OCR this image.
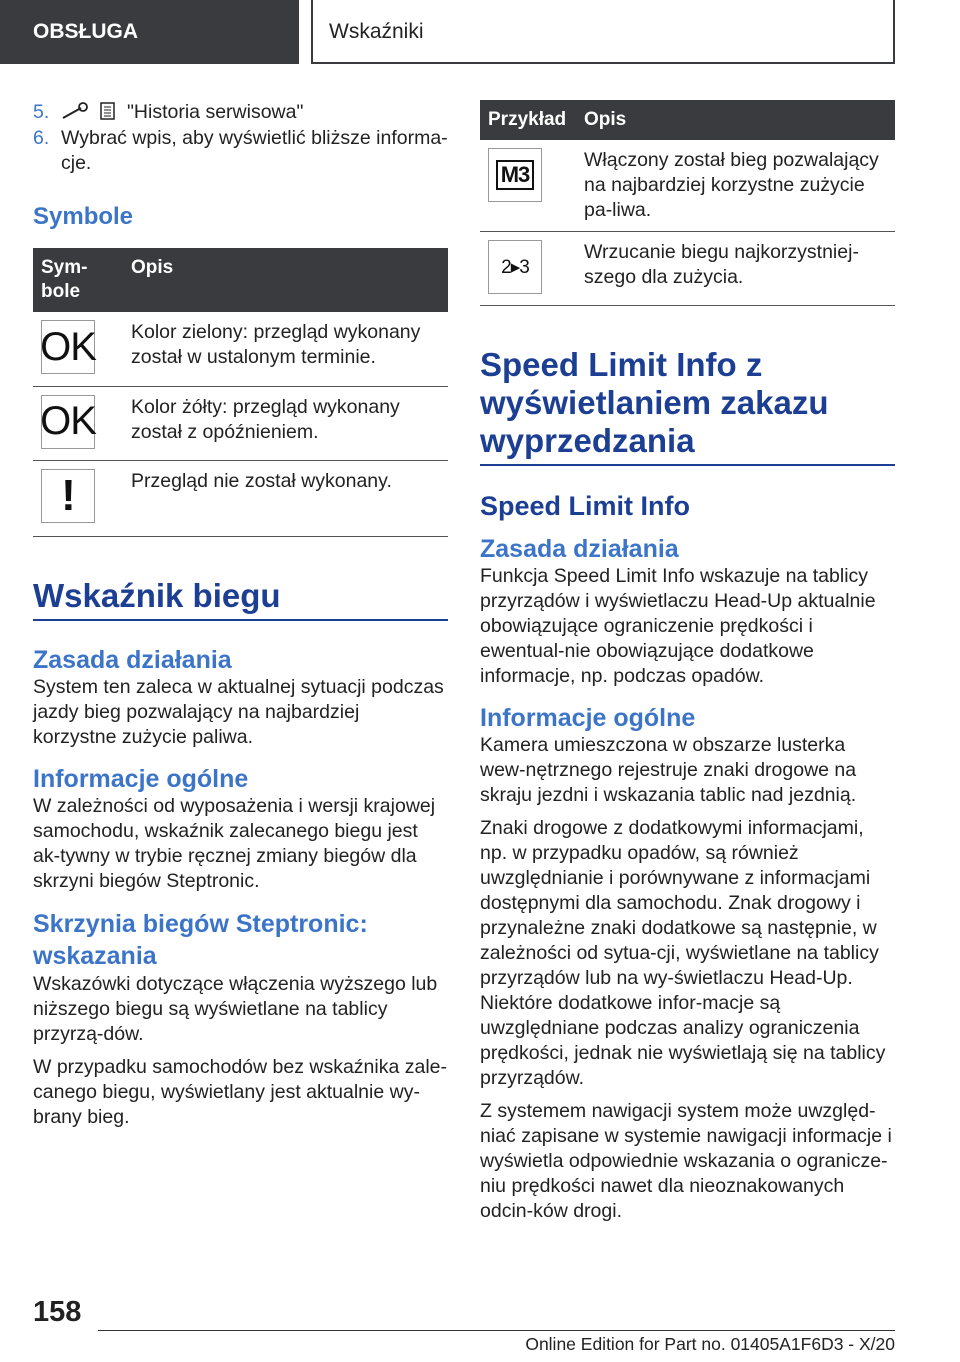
OBSŁUGA	Wskaźniki
5.	"Historia serwisowa"
6. Wybrać wpis, aby wyświetlić bliższe informa-cje.
Symbole
Sym-bole	Opis

OK	Kolor zielony: przegląd wykonany został w ustalonym terminie.

OK	Kolor żółty: przegląd wykonany został z opóźnieniem.

!	Przegląd nie został wykonany.
Wskaźnik biegu
Zasada działania

System ten zaleca w aktualnej sytuacji podczas jazdy bieg pozwalający na najbardziej korzystne zużycie paliwa.

Informacje ogólne

W zależności od wyposażenia i wersji krajowej samochodu, wskaźnik zalecanego biegu jest ak-tywny w trybie ręcznej zmiany biegów dla skrzyni biegów Steptronic.

Skrzynia biegów Steptronic: wskazania

Wskazówki dotyczące włączenia wyższego lub niższego biegu są wyświetlane na tablicy przyrzą-dów.

W przypadku samochodów bez wskaźnika zale-canego biegu, wyświetlany jest aktualnie wy-brany bieg.

Przykład	Opis

M3	Włączony został bieg pozwalający na najbardziej korzystne zużycie pa-liwa.

2▸3	Wrzucanie biegu najkorzystniej-szego dla zużycia.
Speed Limit Info z wyświetlaniem zakazu wyprzedzania
Speed Limit Info
Zasada działania

Funkcja Speed Limit Info wskazuje na tablicy przyrządów i wyświetlaczu Head-Up aktualnie obowiązujące ograniczenie prędkości i ewentual-nie obowiązujące dodatkowe informacje, np. podczas opadów.

Informacje ogólne

Kamera umieszczona w obszarze lusterka wew-nętrznego rejestruje znaki drogowe na skraju jezdni i wskazania tablic nad jezdnią.

Znaki drogowe z dodatkowymi informacjami, np. w przypadku opadów, są również uwzględnianie i porównywane z informacjami dostępnymi dla samochodu. Znak drogowy i przynależne znaki dodatkowe są następnie, w zależności od sytua-cji, wyświetlane na tablicy przyrządów lub na wy-świetlaczu Head-Up. Niektóre dodatkowe infor-macje są uwzględniane podczas analizy ograniczenia prędkości, jednak nie wyświetlają się na tablicy przyrządów.

Z systemem nawigacji system może uwzględ-niać zapisane w systemie nawigacji informacje i wyświetla odpowiednie wskazania o ogranicze-niu prędkości nawet dla nieoznakowanych odcin-ków drogi.

158
Online Edition for Part no. 01405A1F6D3 - X/20
